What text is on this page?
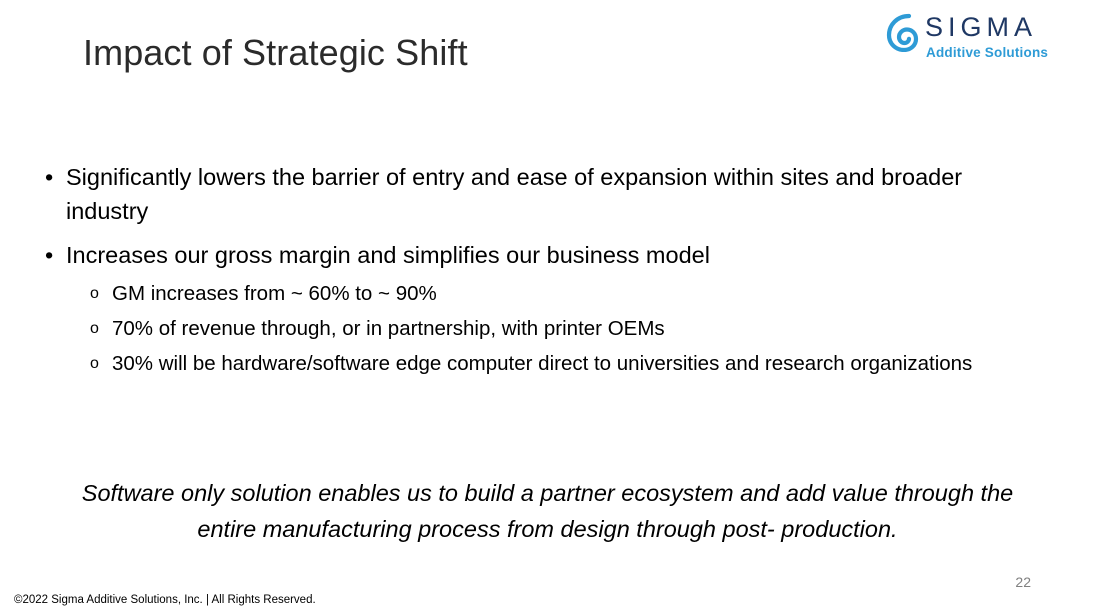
SIGMA
Additive Solutions
Impact of Strategic Shift
• Significantly lowers the barrier of entry and ease of expansion within sites and broader industry
• Increases our gross margin and simplifies our business model
o GM increases from ~ 60% to ~ 90%
o 70% of revenue through, or in partnership, with printer OEMs
o 30% will be hardware/software edge computer direct to universities and research organizations
Software only solution enables us to build a partner ecosystem and add value through the entire manufacturing process from design through post- production.
©2022 Sigma Additive Solutions, Inc. | All Rights Reserved.
22
